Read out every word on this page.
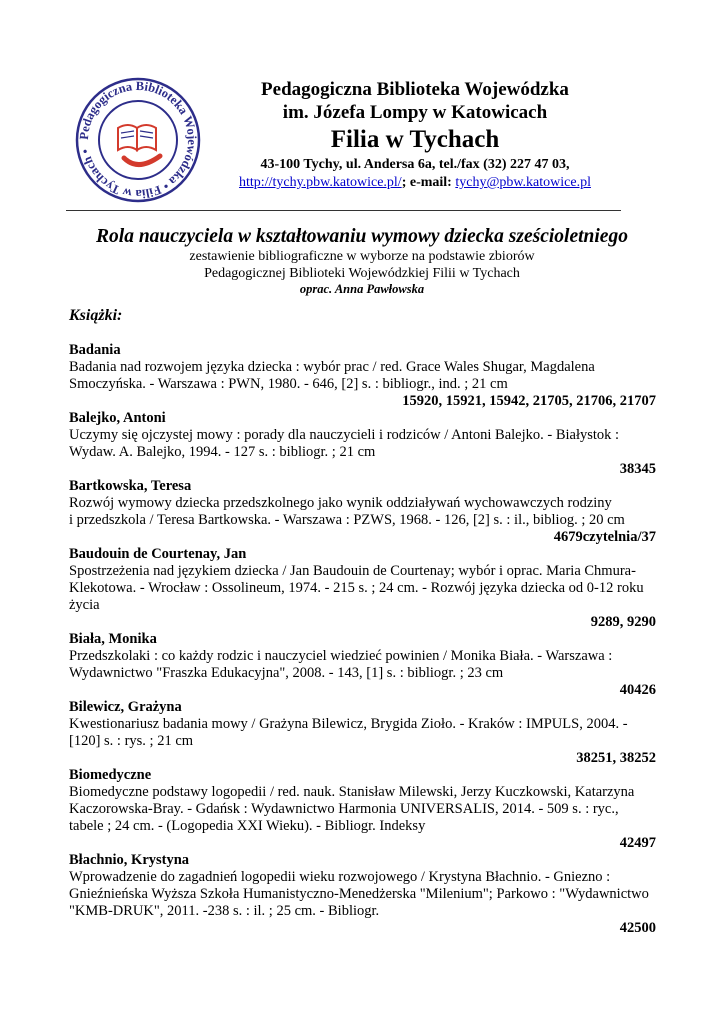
Pedagogiczna Biblioteka Wojewódzka • Filia w Tychach •
Pedagogiczna Biblioteka Wojewódzka
im. Józefa Lompy w Katowicach
Filia w Tychach
43-100 Tychy, ul. Andersa 6a, tel./fax (32) 227 47 03,
http://tychy.pbw.katowice.pl/; e-mail: tychy@pbw.katowice.pl
Rola nauczyciela w kształtowaniu wymowy dziecka sześcioletniego
zestawienie bibliograficzne w wyborze na podstawie zbiorów
Pedagogicznej Biblioteki Wojewódzkiej Filii w Tychach
oprac. Anna Pawłowska
Książki:
Badania
Badania nad rozwojem języka dziecka : wybór prac / red. Grace Wales Shugar, Magdalena
Smoczyńska. - Warszawa : PWN, 1980. - 646, [2] s. : bibliogr., ind. ; 21 cm
15920, 15921, 15942, 21705, 21706, 21707
Balejko, Antoni
Uczymy się ojczystej mowy : porady dla nauczycieli i rodziców / Antoni Balejko. - Białystok :
Wydaw. A. Balejko, 1994. - 127 s. : bibliogr. ; 21 cm
38345
Bartkowska, Teresa
Rozwój wymowy dziecka przedszkolnego jako wynik oddziaływań wychowawczych rodziny
i przedszkola / Teresa Bartkowska. - Warszawa : PZWS, 1968. - 126, [2] s. : il., bibliog. ; 20 cm
4679czytelnia/37
Baudouin de Courtenay, Jan
Spostrzeżenia nad językiem dziecka / Jan Baudouin de Courtenay; wybór i oprac. Maria Chmura-
Klekotowa. - Wrocław : Ossolineum, 1974. - 215 s. ; 24 cm. - Rozwój języka dziecka od 0-12 roku
życia
9289, 9290
Biała, Monika
Przedszkolaki : co każdy rodzic i nauczyciel wiedzieć powinien / Monika Biała. - Warszawa :
Wydawnictwo "Fraszka Edukacyjna", 2008. - 143, [1] s. : bibliogr. ; 23 cm
40426
Bilewicz, Grażyna
Kwestionariusz badania mowy / Grażyna Bilewicz, Brygida Zioło. - Kraków : IMPULS, 2004. -
[120] s. : rys. ; 21 cm
38251, 38252
Biomedyczne
Biomedyczne podstawy logopedii / red. nauk. Stanisław Milewski, Jerzy Kuczkowski, Katarzyna
Kaczorowska-Bray. - Gdańsk : Wydawnictwo Harmonia UNIVERSALIS, 2014. - 509 s. : ryc.,
tabele ; 24 cm. - (Logopedia XXI Wieku). - Bibliogr. Indeksy
42497
Błachnio, Krystyna
Wprowadzenie do zagadnień logopedii wieku rozwojowego / Krystyna Błachnio. - Gniezno :
Gnieźnieńska Wyższa Szkoła Humanistyczno-Menedżerska "Milenium"; Parkowo : "Wydawnictwo
"KMB-DRUK", 2011. -238 s. : il. ; 25 cm. - Bibliogr.
42500
